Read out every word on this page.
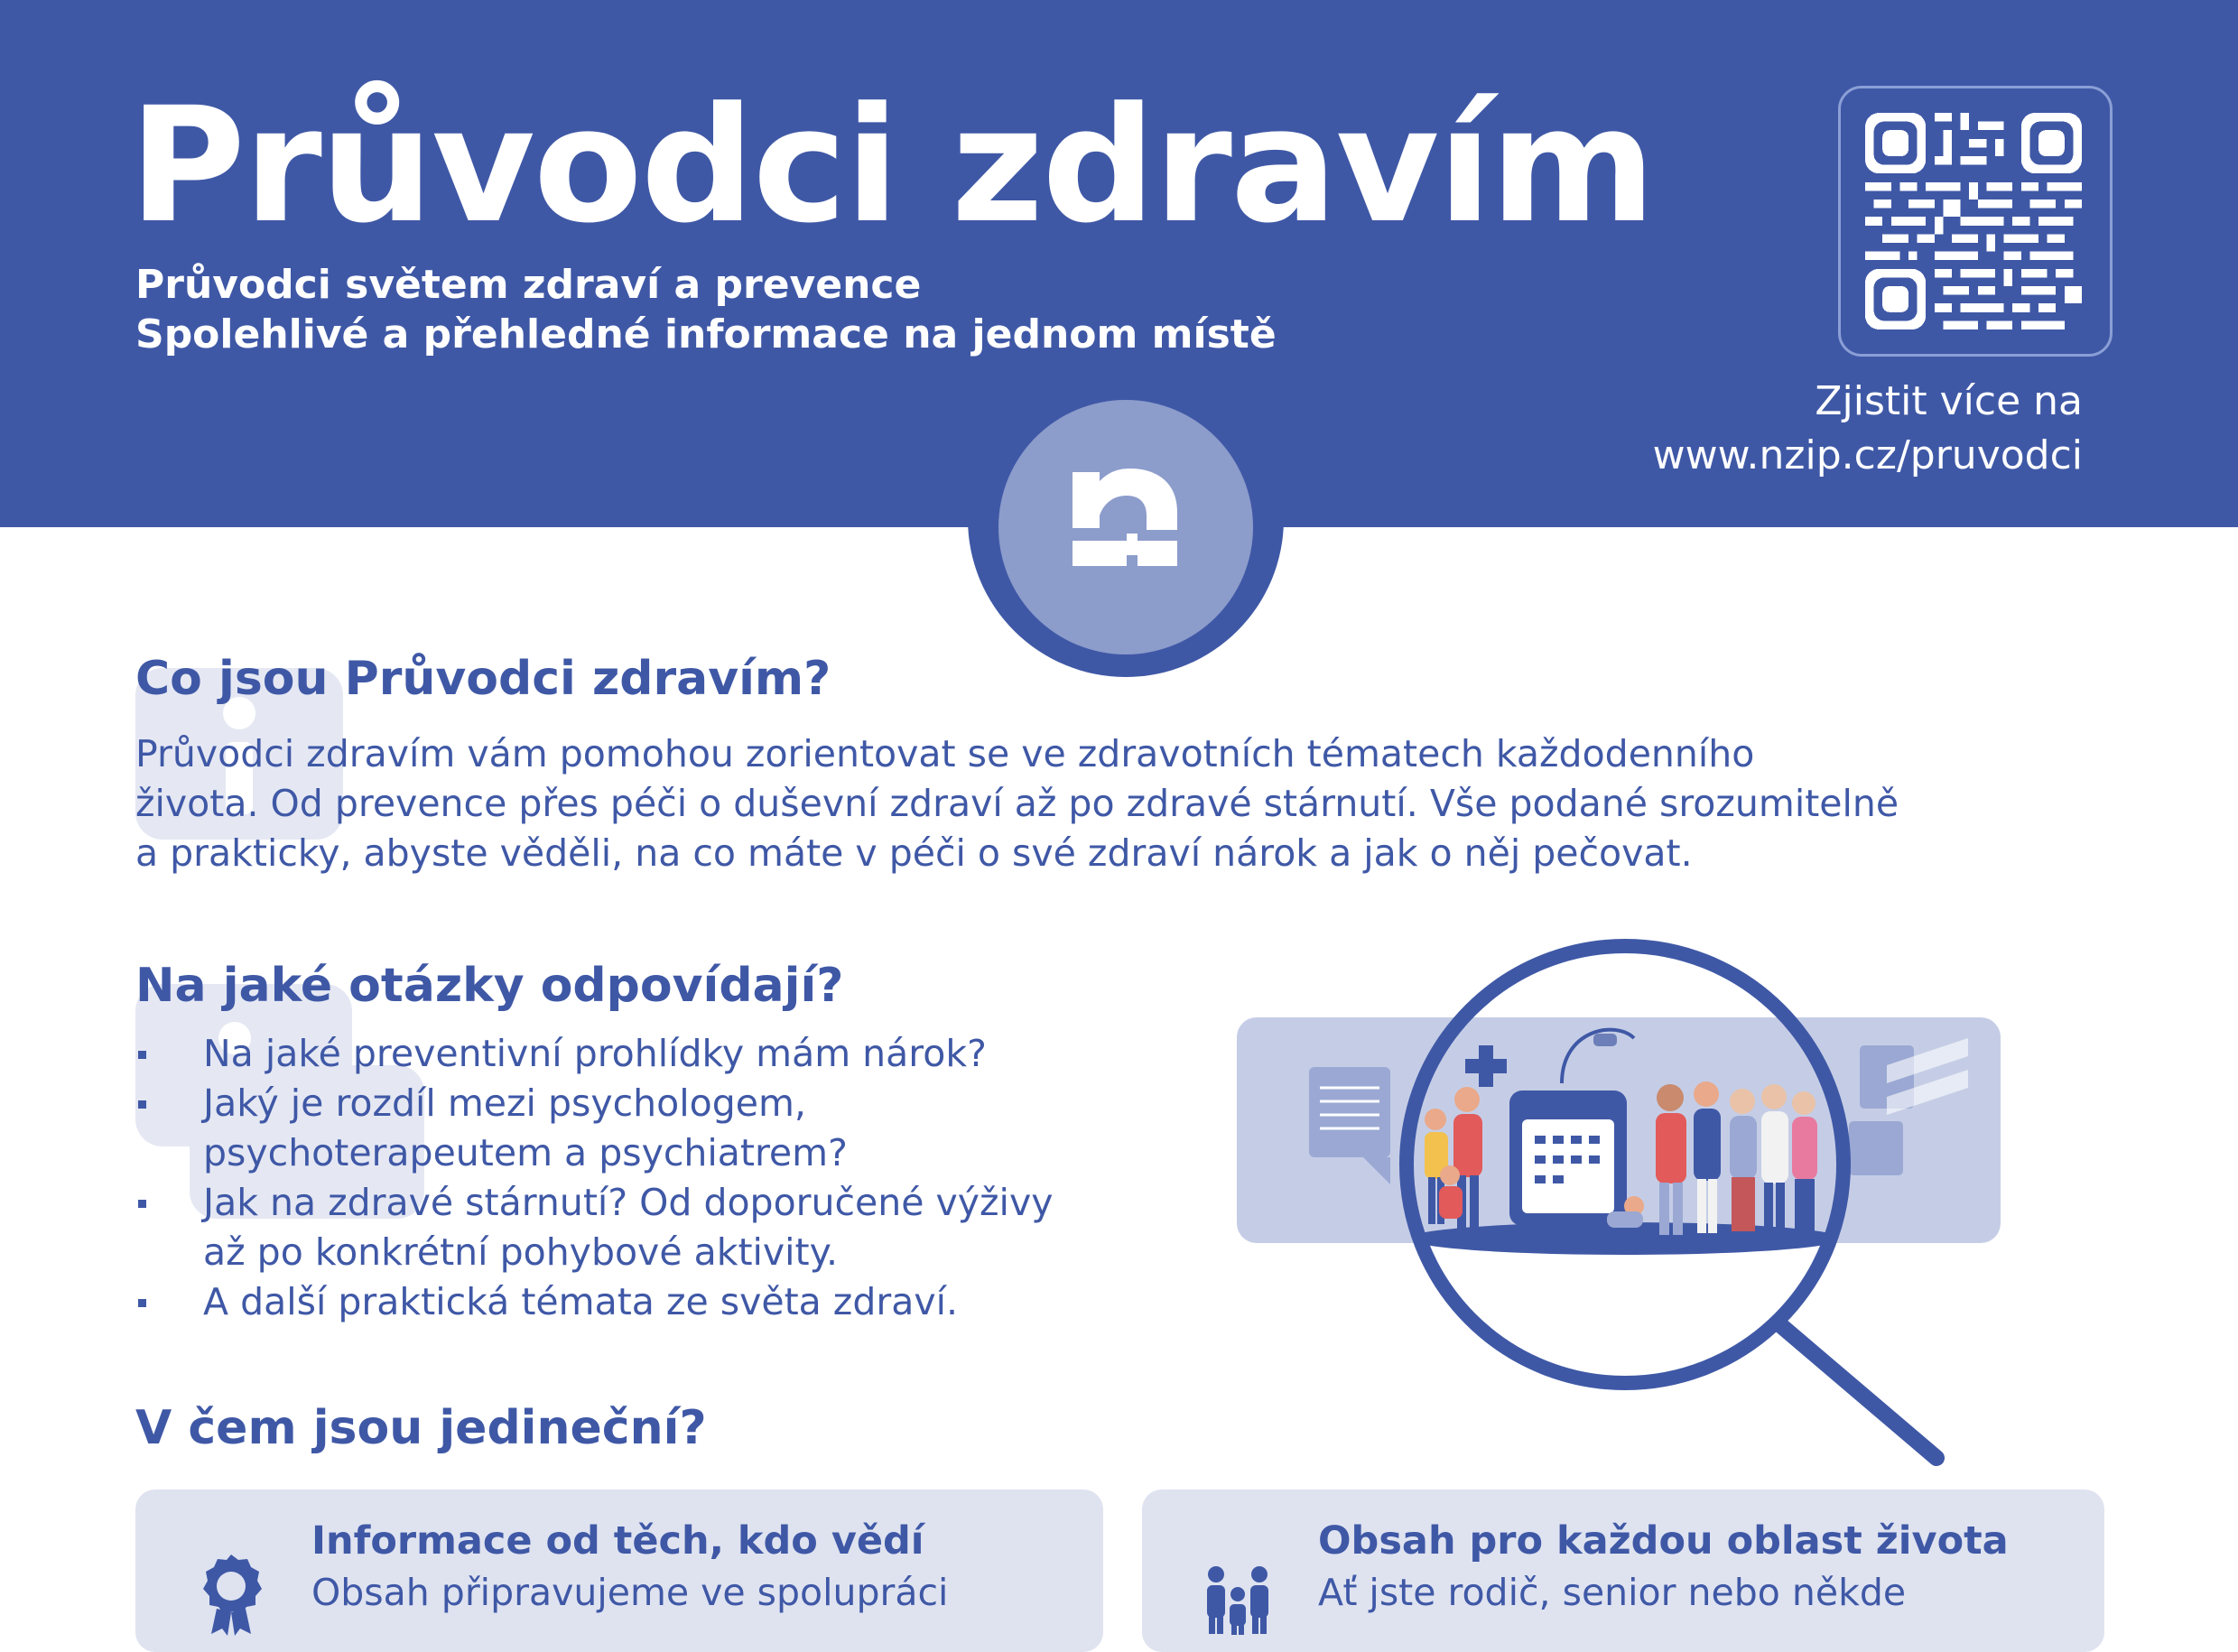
Průvodci zdravím
Průvodci světem zdraví a prevence
Spolehlivé a přehledné informace na jednom místě
Zjistit více na
www.nzip.cz/pruvodci
Co jsou Průvodci zdravím?
Průvodci zdravím vám pomohou zorientovat se ve zdravotních tématech každodenního
života. Od prevence přes péči o duševní zdraví až po zdravé stárnutí. Vše podané srozumitelně
a prakticky, abyste věděli, na co máte v péči o své zdraví nárok a jak o něj pečovat.
Na jaké otázky odpovídají?
Na jaké preventivní prohlídky mám nárok?
Jaký je rozdíl mezi psychologem,
psychoterapeutem a psychiatrem?
Jak na zdravé stárnutí? Od doporučené výživy
až po konkrétní pohybové aktivity.
A další praktická témata ze světa zdraví.
V čem jsou jedineční?
Informace od těch, kdo vědí
Obsah připravujeme ve spolupráci
Obsah pro každou oblast života
Ať jste rodič, senior nebo někde
